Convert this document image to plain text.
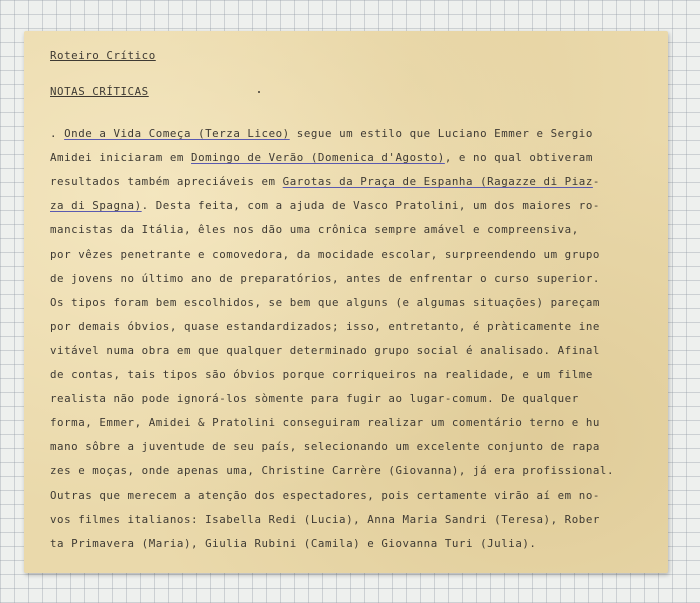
Roteiro Crítico
NOTAS CRÍTICAS
. Onde a Vida Começa (Terza Liceo) segue um estilo que Luciano Emmer e Sergio
Amidei iniciaram em Domingo de Verão (Domenica d'Agosto), e no qual obtiveram
resultados também apreciáveis em Garotas da Praça de Espanha (Ragazze di Piaz-
za di Spagna). Desta feita, com a ajuda de Vasco Pratolini, um dos maiores ro-
mancistas da Itália, êles nos dão uma crônica sempre amável e compreensiva,
por vêzes penetrante e comovedora, da mocidade escolar, surpreendendo um grupo
de jovens no último ano de preparatórios, antes de enfrentar o curso superior.
Os tipos foram bem escolhidos, se bem que alguns (e algumas situações) pareçam
por demais óbvios, quase estandardizados; isso, entretanto, é pràticamente ine
vitável numa obra em que qualquer determinado grupo social é analisado. Afinal
de contas, tais tipos são óbvios porque corriqueiros na realidade, e um filme
realista não pode ignorá-los sòmente para fugir ao lugar-comum. De qualquer
forma, Emmer, Amidei & Pratolini conseguiram realizar um comentário terno e hu
mano sôbre a juventude de seu país, selecionando um excelente conjunto de rapa
zes e moças, onde apenas uma, Christine Carrère (Giovanna), já era profissional.
Outras que merecem a atenção dos espectadores, pois certamente virão aí em no-
vos filmes italianos: Isabella Redi (Lucia), Anna Maria Sandri (Teresa), Rober
ta Primavera (Maria), Giulia Rubini (Camila) e Giovanna Turi (Julia).
